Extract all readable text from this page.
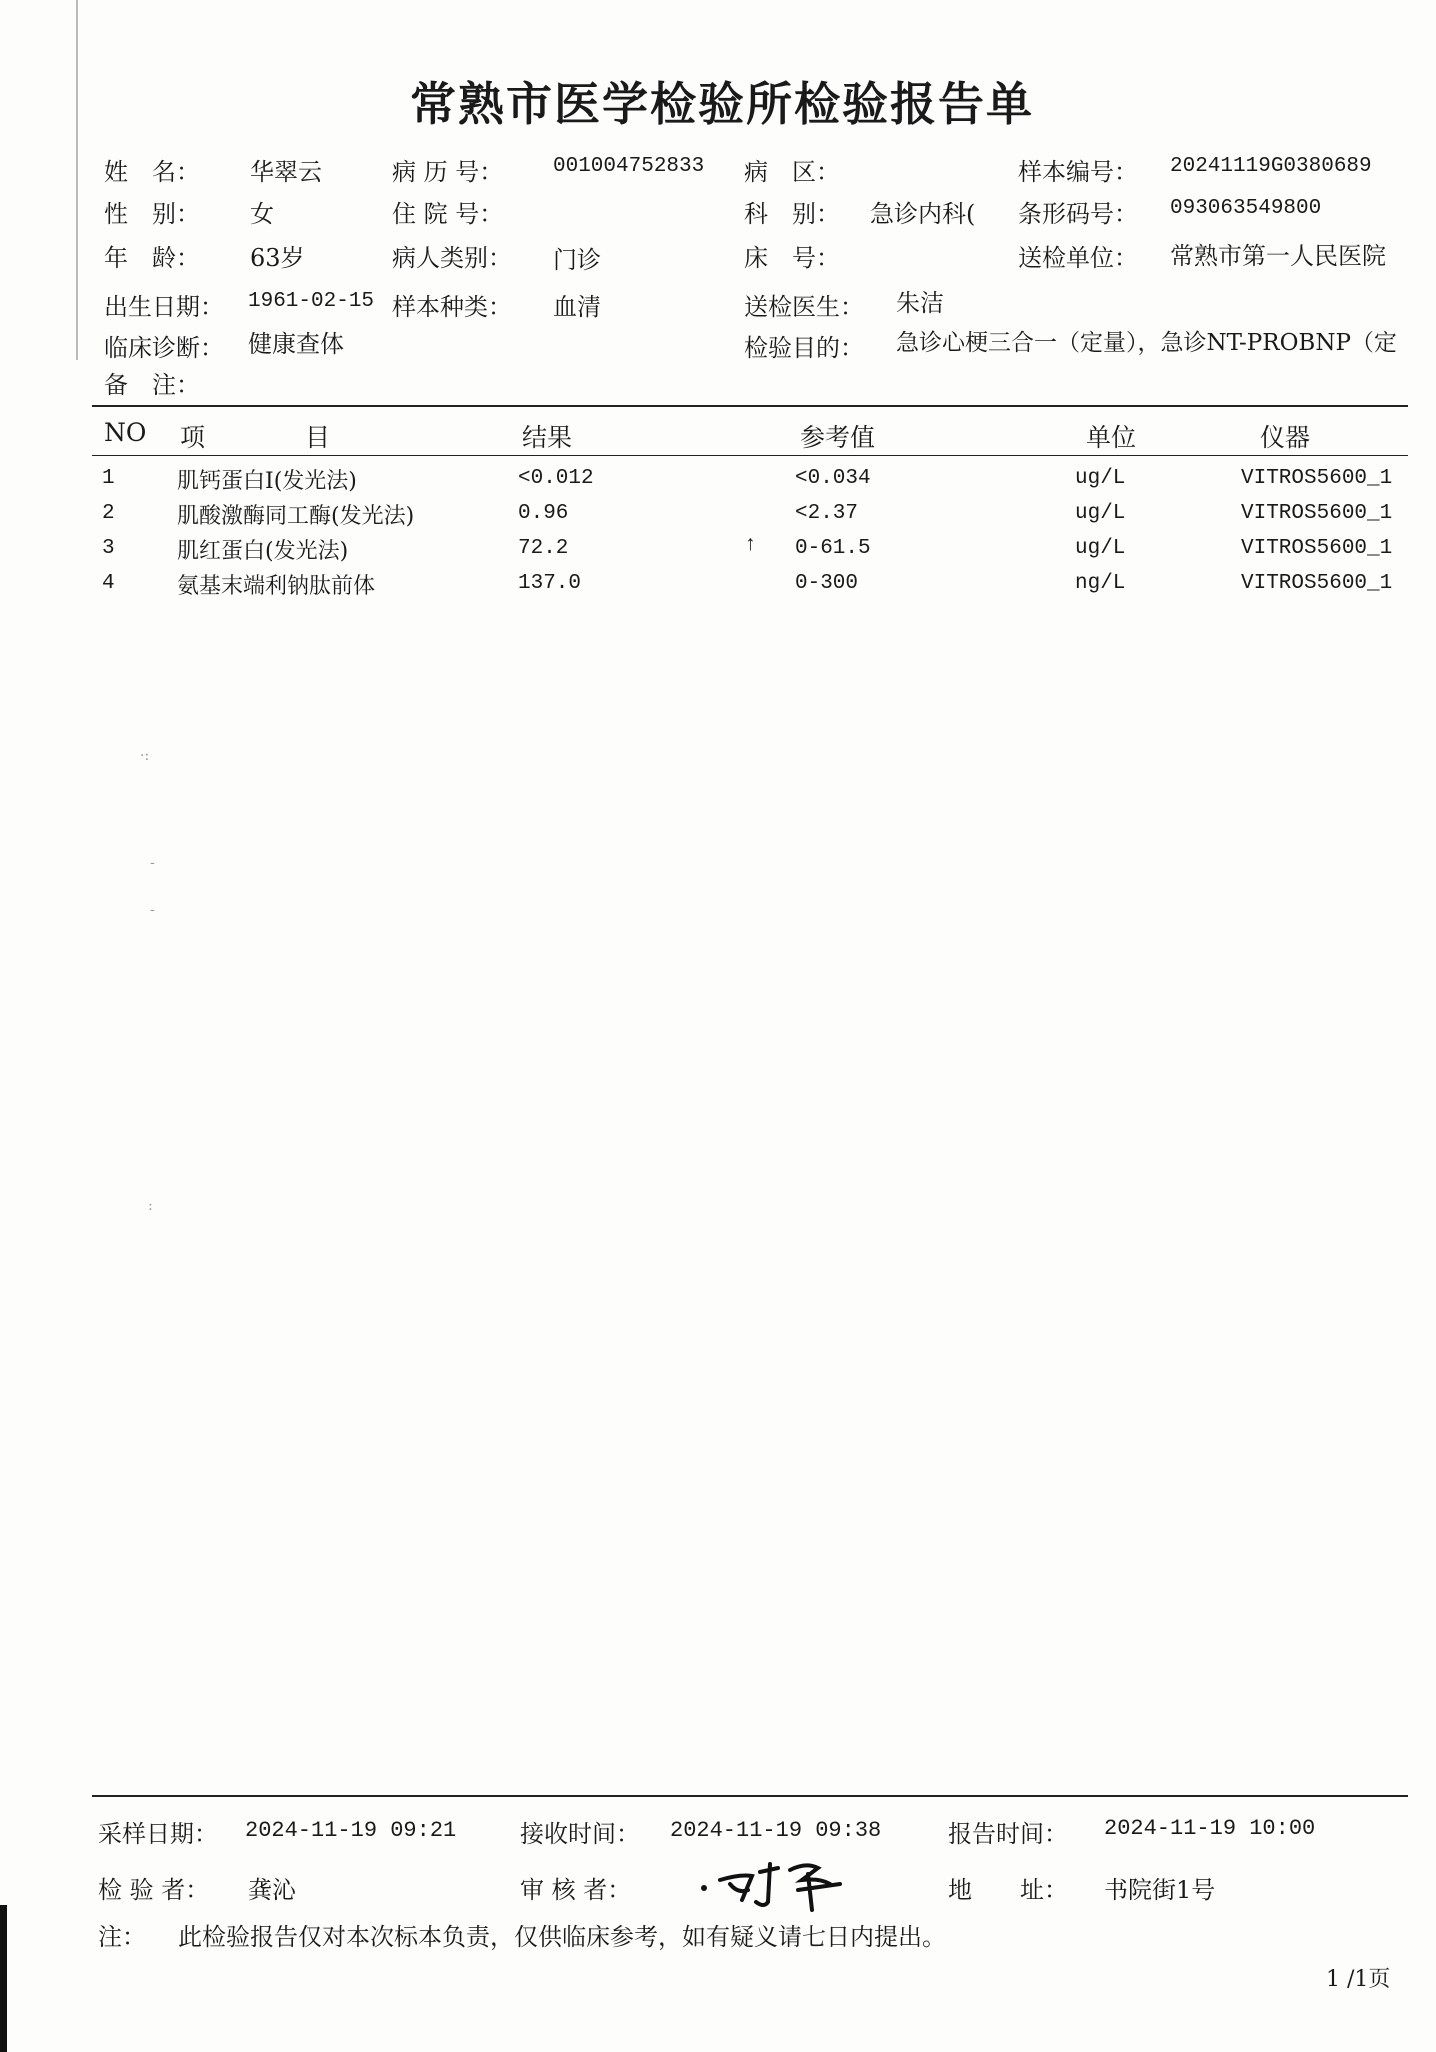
常熟市医学检验所检验报告单
姓　名： 华翠云	病 历 号： 001004752833 病　区：	样本编号： 20241119G0380689
性　别： 女	住 院 号：	科　别： 急诊内科( 条形码号： 093063549800
年　龄： 63岁	病人类别： 门诊	床　号：	送检单位： 常熟市第一人民医院
出生日期： 1961-02-15 样本种类： 血清	送检医生： 朱洁
临床诊断： 健康查体	检验目的： 急诊心梗三合一（定量），急诊NT-PROBNP（定
备　注：
NO 项　　　　目	结果	参考值	单位	仪器
1	肌钙蛋白I(发光法)	<0.012	<0.034	ug/L	VITROS5600_1
2	肌酸激酶同工酶(发光法)	0.96	<2.37	ug/L	VITROS5600_1
3	肌红蛋白(发光法)	72.2	↑ 0-61.5	ug/L	VITROS5600_1
4	氨基末端利钠肽前体	137.0	0-300	ng/L	VITROS5600_1
·:
-
-
:
采样日期： 2024-11-19 09:21	接收时间： 2024-11-19 09:38	报告时间： 2024-11-19 10:00
检 验 者： 龚沁	审 核 者：	地　　址： 书院街1号
注： 此检验报告仅对本次标本负责，仅供临床参考，如有疑义请七日内提出。
1 /1页
